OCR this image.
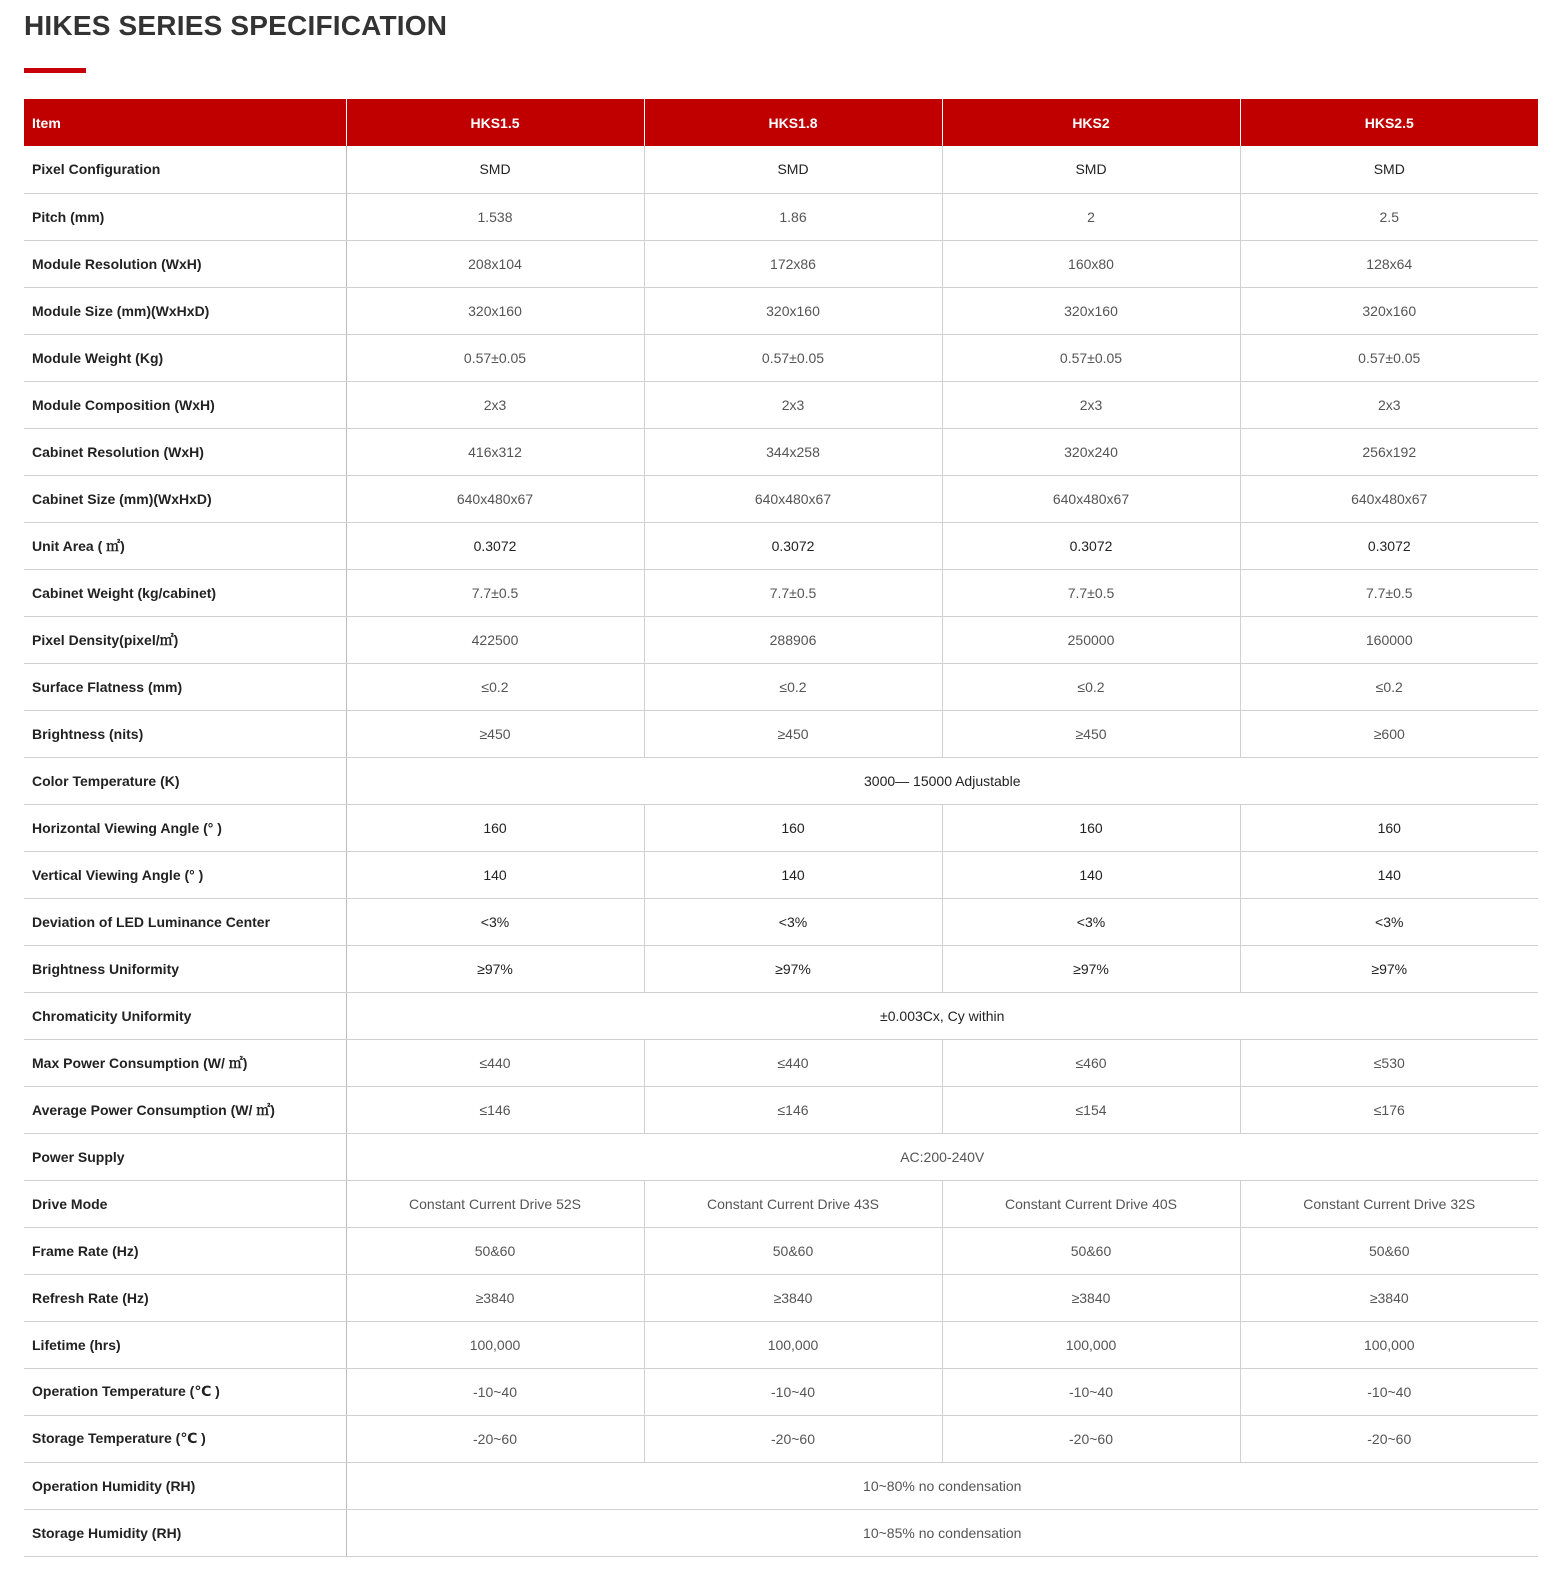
HIKES SERIES SPECIFICATION
Item	HKS1.5	HKS1.8	HKS2	HKS2.5
Pixel Configuration	SMD	SMD	SMD	SMD
Pitch (mm)	1.538	1.86	2	2.5
Module Resolution (WxH)	208x104	172x86	160x80	128x64
Module Size (mm)(WxHxD)	320x160	320x160	320x160	320x160
Module Weight (Kg)	0.57±0.05	0.57±0.05	0.57±0.05	0.57±0.05
Module Composition (WxH)	2x3	2x3	2x3	2x3
Cabinet Resolution (WxH)	416x312	344x258	320x240	256x192
Cabinet Size (mm)(WxHxD)	640x480x67	640x480x67	640x480x67	640x480x67
Unit Area ( ㎡)	0.3072	0.3072	0.3072	0.3072
Cabinet Weight (kg/cabinet)	7.7±0.5	7.7±0.5	7.7±0.5	7.7±0.5
Pixel Density(pixel/㎡)	422500	288906	250000	160000
Surface Flatness (mm)	≤0.2	≤0.2	≤0.2	≤0.2
Brightness (nits)	≥450	≥450	≥450	≥600
Color Temperature (K)	3000— 15000 Adjustable			
Horizontal Viewing Angle (° )	160	160	160	160
Vertical Viewing Angle (° )	140	140	140	140
Deviation of LED Luminance Center	<3%	<3%	<3%	<3%
Brightness Uniformity	≥97%	≥97%	≥97%	≥97%
Chromaticity Uniformity	±0.003Cx, Cy within			
Max Power Consumption (W/ ㎡)	≤440	≤440	≤460	≤530
Average Power Consumption (W/ ㎡)	≤146	≤146	≤154	≤176
Power Supply	AC:200-240V			
Drive Mode	Constant Current Drive 52S	Constant Current Drive 43S	Constant Current Drive 40S	Constant Current Drive 32S
Frame Rate (Hz)	50&60	50&60	50&60	50&60
Refresh Rate (Hz)	≥3840	≥3840	≥3840	≥3840
Lifetime (hrs)	100,000	100,000	100,000	100,000
Operation Temperature (℃ )	-10~40	-10~40	-10~40	-10~40
Storage Temperature (℃ )	-20~60	-20~60	-20~60	-20~60
Operation Humidity (RH)	10~80% no condensation			
Storage Humidity (RH)	10~85% no condensation			
